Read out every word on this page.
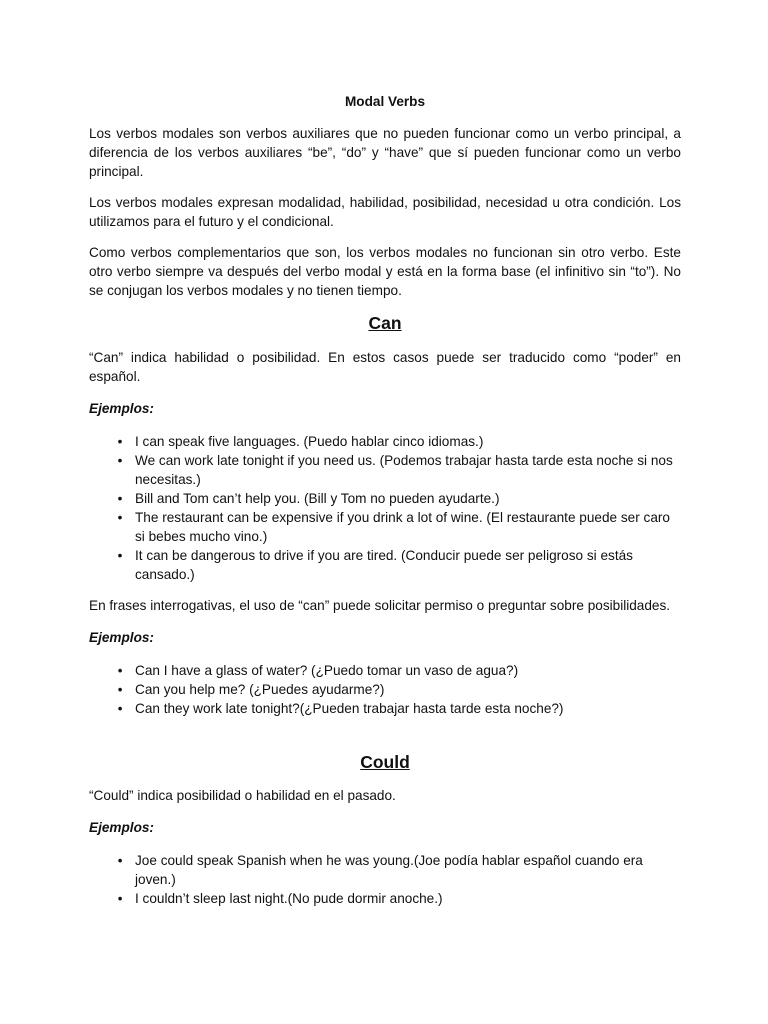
Modal Verbs

Los verbos modales son verbos auxiliares que no pueden funcionar como un verbo principal, a diferencia de los verbos auxiliares “be”, “do” y “have” que sí pueden funcionar como un verbo principal.

Los verbos modales expresan modalidad, habilidad, posibilidad, necesidad u otra condición. Los utilizamos para el futuro y el condicional.

Como verbos complementarios que son, los verbos modales no funcionan sin otro verbo. Este otro verbo siempre va después del verbo modal y está en la forma base (el infinitivo sin “to”). No se conjugan los verbos modales y no tienen tiempo.

Can

“Can” indica habilidad o posibilidad. En estos casos puede ser traducido como “poder” en español.

Ejemplos:

• I can speak five languages. (Puedo hablar cinco idiomas.)
• We can work late tonight if you need us. (Podemos trabajar hasta tarde esta noche si nos necesitas.)
• Bill and Tom can’t help you. (Bill y Tom no pueden ayudarte.)
• The restaurant can be expensive if you drink a lot of wine. (El restaurante puede ser caro si bebes mucho vino.)
• It can be dangerous to drive if you are tired. (Conducir puede ser peligroso si estás cansado.)

En frases interrogativas, el uso de “can” puede solicitar permiso o preguntar sobre posibilidades.

Ejemplos:

• Can I have a glass of water? (¿Puedo tomar un vaso de agua?)
• Can you help me? (¿Puedes ayudarme?)
• Can they work late tonight?(¿Pueden trabajar hasta tarde esta noche?)

Could

“Could” indica posibilidad o habilidad en el pasado.

Ejemplos:

• Joe could speak Spanish when he was young.(Joe podía hablar español cuando era joven.)
• I couldn’t sleep last night.(No pude dormir anoche.)
